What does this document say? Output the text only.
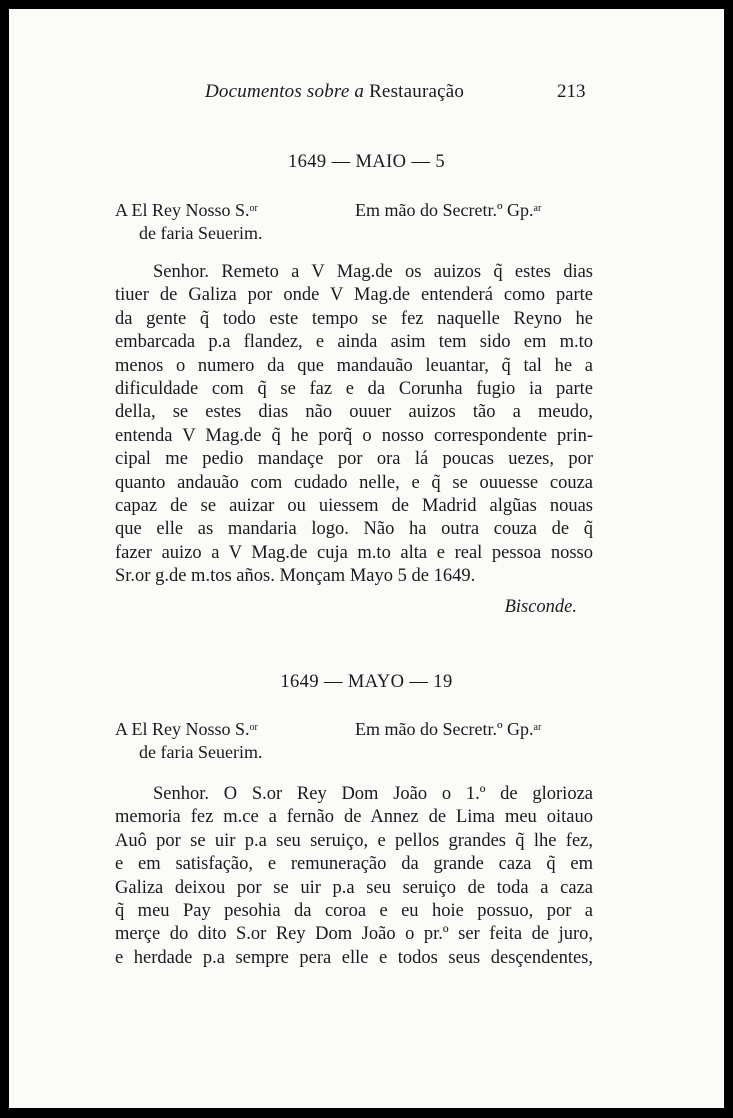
Documentos sobre a Restauração	213
1649 — MAIO — 5
A El Rey Nosso S.$^{or}$
de faria Seuerim.
Em mão do Secretr.º Gp.$^{ar}$
Senhor. Remeto a V Mag.de os auizos q̃ estes dias
tiuer de Galiza por onde V Mag.de entenderá como parte
da gente q̃ todo este tempo se fez naquelle Reyno he
embarcada p.a flandez, e ainda asim tem sido em m.to
menos o numero da que mandauão leuantar, q̃ tal he a
dificuldade com q̃ se faz e da Corunha fugio ia parte
della, se estes dias não ouuer auizos tão a meudo,
entenda V Mag.de q̃ he porq̃ o nosso correspondente prin-
cipal me pedio mandaçe por ora lá poucas uezes, por
quanto andauão com cudado nelle, e q̃ se ouuesse couza
capaz de se auizar ou uiessem de Madrid algũas nouas
que elle as mandaria logo. Não ha outra couza de q̃
fazer auizo a V Mag.de cuja m.to alta e real pessoa nosso
Sr.or g.de m.tos años. Monçam Mayo 5 de 1649.
Bisconde.
1649 — MAYO — 19
A El Rey Nosso S.$^{or}$
de faria Seuerim.
Em mão do Secretr.º Gp.$^{ar}$
Senhor. O S.or Rey Dom João o 1.º de glorioza
memoria fez m.ce a fernão de Annez de Lima meu oitauo
Auô por se uir p.a seu seruiço, e pellos grandes q̃ lhe fez,
e em satisfação, e remuneração da grande caza q̃ em
Galiza deixou por se uir p.a seu seruiço de toda a caza
q̃ meu Pay pesohia da coroa e eu hoie possuo, por a
merçe do dito S.or Rey Dom João o pr.º ser feita de juro,
e herdade p.a sempre pera elle e todos seus desçendentes,
